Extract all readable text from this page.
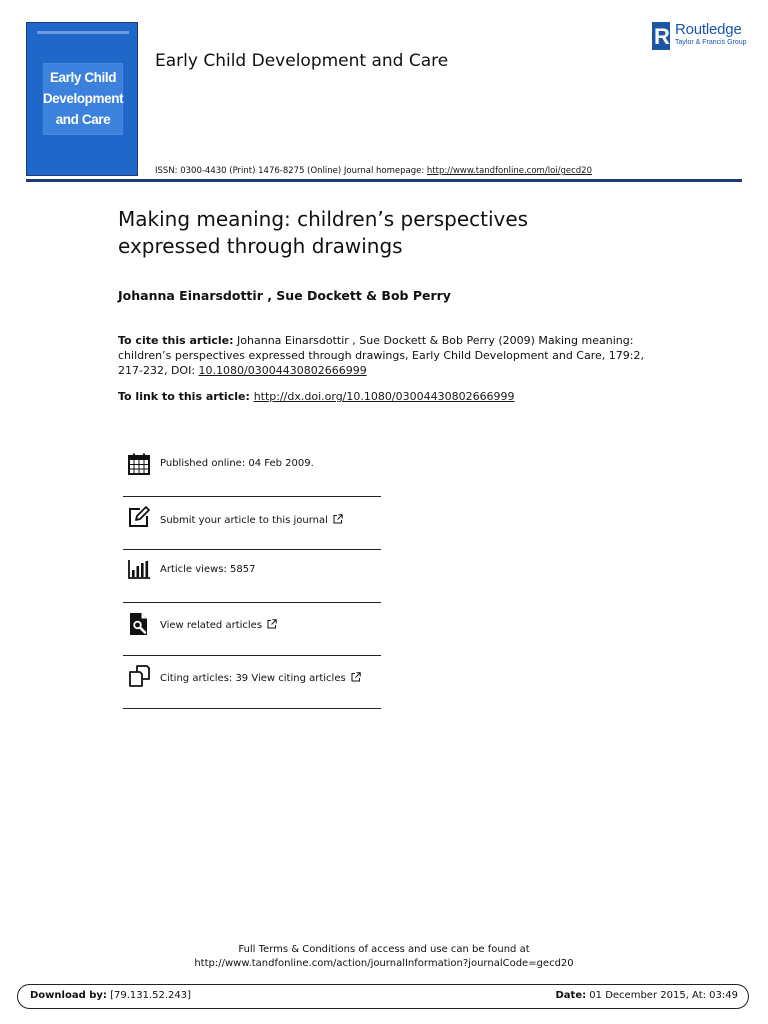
Early Child
Development
and Care
Early Child Development and Care
R Routledge
Taylor & Francis Group
ISSN: 0300-4430 (Print) 1476-8275 (Online) Journal homepage: http://www.tandfonline.com/loi/gecd20
Making meaning: children’s perspectives
expressed through drawings
Johanna Einarsdottir , Sue Dockett & Bob Perry
To cite this article: Johanna Einarsdottir , Sue Dockett & Bob Perry (2009) Making meaning: children’s perspectives expressed through drawings, Early Child Development and Care, 179:2, 217-232, DOI: 10.1080/03004430802666999
To link to this article: http://dx.doi.org/10.1080/03004430802666999
Published online: 04 Feb 2009.
Submit your article to this journal
Article views: 5857
View related articles
Citing articles: 39 View citing articles
Full Terms & Conditions of access and use can be found at
http://www.tandfonline.com/action/journalInformation?journalCode=gecd20
Download by: [79.131.52.243]	Date: 01 December 2015, At: 03:49
